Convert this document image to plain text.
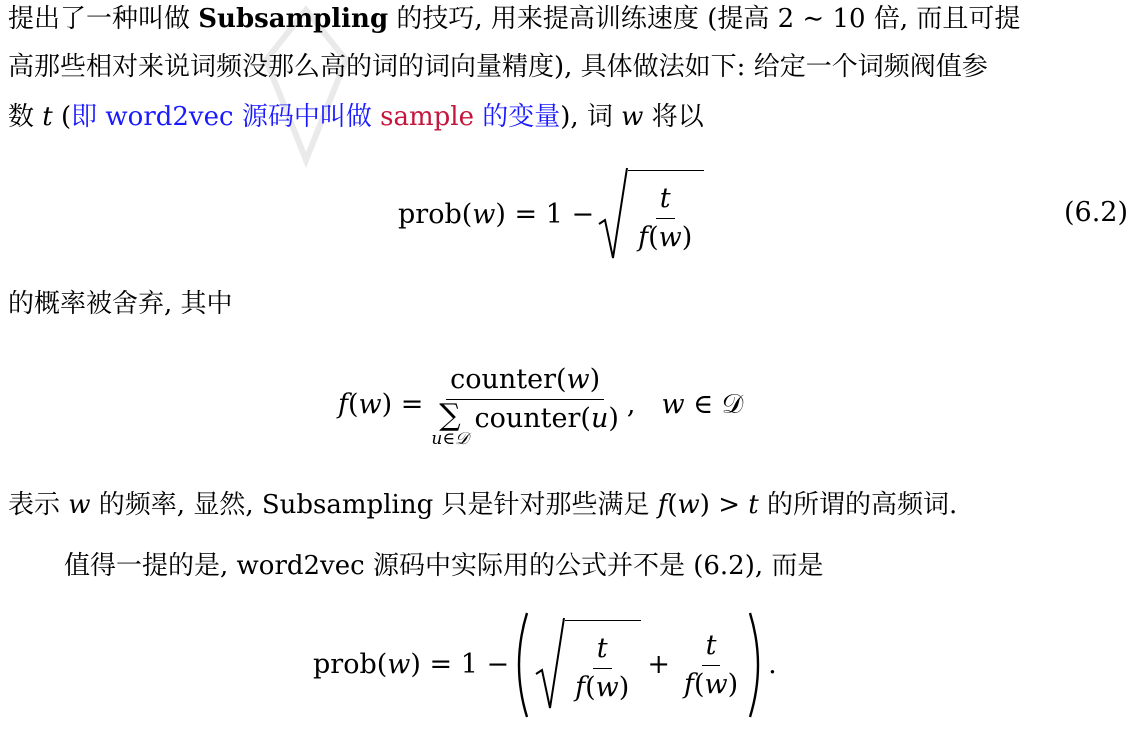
提出了一种叫做 Subsampling 的技巧, 用来提高训练速度 (提高 2 ∼ 10 倍, 而且可提
高那些相对来说词频没那么高的词的词向量精度), 具体做法如下: 给定一个词频阀值参
数 t (即 word2vec 源码中叫做 sample 的变量), 词 w 将以
prob( w ) = $1 - \frac{t}{f(w)}$	(6.2)
的概率被舍弃, 其中
f ( w ) = counter(w)
∑
u∈𝒟
counter(u) , w ∈ 𝒟
表示 w 的频率, 显然, Subsampling 只是针对那些满足 f(w) > t 的所谓的高频词.
值得一提的是, word2vec 源码中实际用的公式并不是 (6.2), 而是
prob( w ) = $1 - \frac{t}{f(w)} + \frac{t}{f(w)}$ .
